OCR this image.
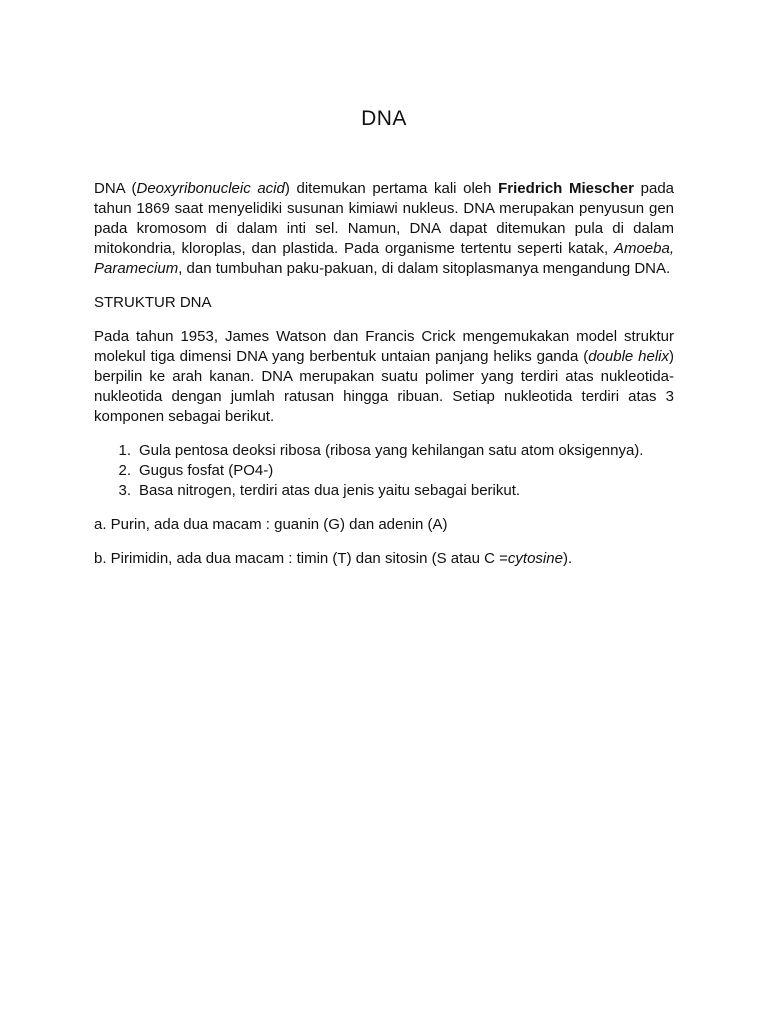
DNA

DNA (Deoxyribonucleic acid) ditemukan pertama kali oleh Friedrich Miescher pada tahun 1869 saat menyelidiki susunan kimiawi nukleus. DNA merupakan penyusun gen pada kromosom di dalam inti sel. Namun, DNA dapat ditemukan pula di dalam mitokondria, kloroplas, dan plastida. Pada organisme tertentu seperti katak, Amoeba, Paramecium, dan tumbuhan paku-pakuan, di dalam sitoplasmanya mengandung DNA.

STRUKTUR DNA

Pada tahun 1953, James Watson dan Francis Crick mengemukakan model struktur molekul tiga dimensi DNA yang berbentuk untaian panjang heliks ganda (double helix) berpilin ke arah kanan. DNA merupakan suatu polimer yang terdiri atas nukleotida-nukleotida dengan jumlah ratusan hingga ribuan. Setiap nukleotida terdiri atas 3 komponen sebagai berikut.

1. Gula pentosa deoksi ribosa (ribosa yang kehilangan satu atom oksigennya).
2. Gugus fosfat (PO4-)
3. Basa nitrogen, terdiri atas dua jenis yaitu sebagai berikut.

a. Purin, ada dua macam : guanin (G) dan adenin (A)

b. Pirimidin, ada dua macam : timin (T) dan sitosin (S atau C =cytosine).
